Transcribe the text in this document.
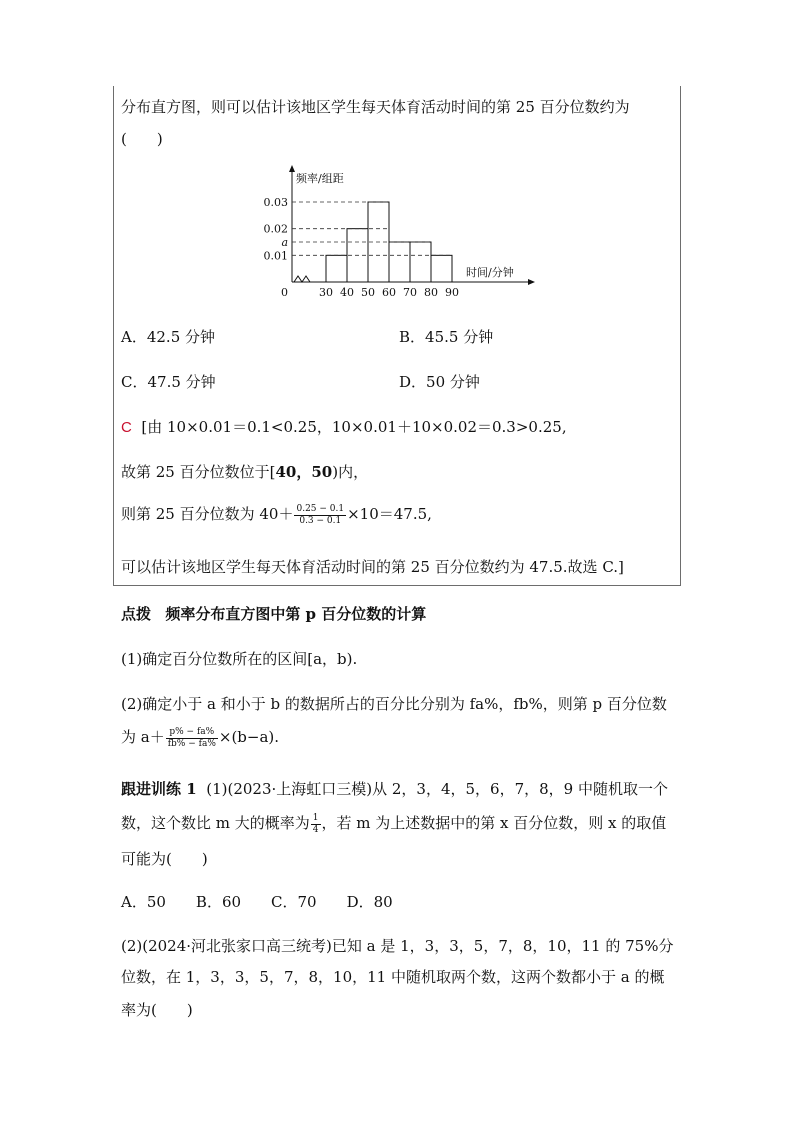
分布直方图，则可以估计该地区学生每天体育活动时间的第 25 百分位数约为
(　　)
频率/组距
时间/分钟
0
0.03
0.02
a
0.01
30 40 50 60 70 80 90
A．42.5 分钟	B．45.5 分钟
C．47.5 分钟	D．50 分钟
C [由 10×0.01＝0.1<0.25，10×0.01＋10×0.02＝0.3>0.25,
故第 25 百分位数位于[40，50)内，
则第 25 百分位数为 $40+ \frac{0.25 - 0.1}{0.3 - 0.1} \times 10=47.5$,
可以估计该地区学生每天体育活动时间的第 25 百分位数约为 47.5.故选 C.]
点拨 频率分布直方图中第 p 百分位数的计算
(1)确定百分位数所在的区间[a，b).
(2)确定小于 a 和小于 b 的数据所占的百分比分别为 fa%，fb%，则第 p 百分位数
为 $a+ \frac{p\% - fa\%}{fb\% - fa\%} \times(b-a)$.
跟进训练 1 (1)(2023·上海虹口三模)从 2，3，4，5，6，7，8，9 中随机取一个
数，这个数比 m 大的概率为 $\frac{1}{4}$ ，若 m 为上述数据中的第 x 百分位数，则 x 的取值
可能为(　　)
A．50　　B．60　　C．70　　D．80
(2)(2024·河北张家口高三统考)已知 a 是 1，3，3，5，7，8，10，11 的 75%分
位数，在 1，3，3，5，7，8，10，11 中随机取两个数，这两个数都小于 a 的概
率为(　　)
